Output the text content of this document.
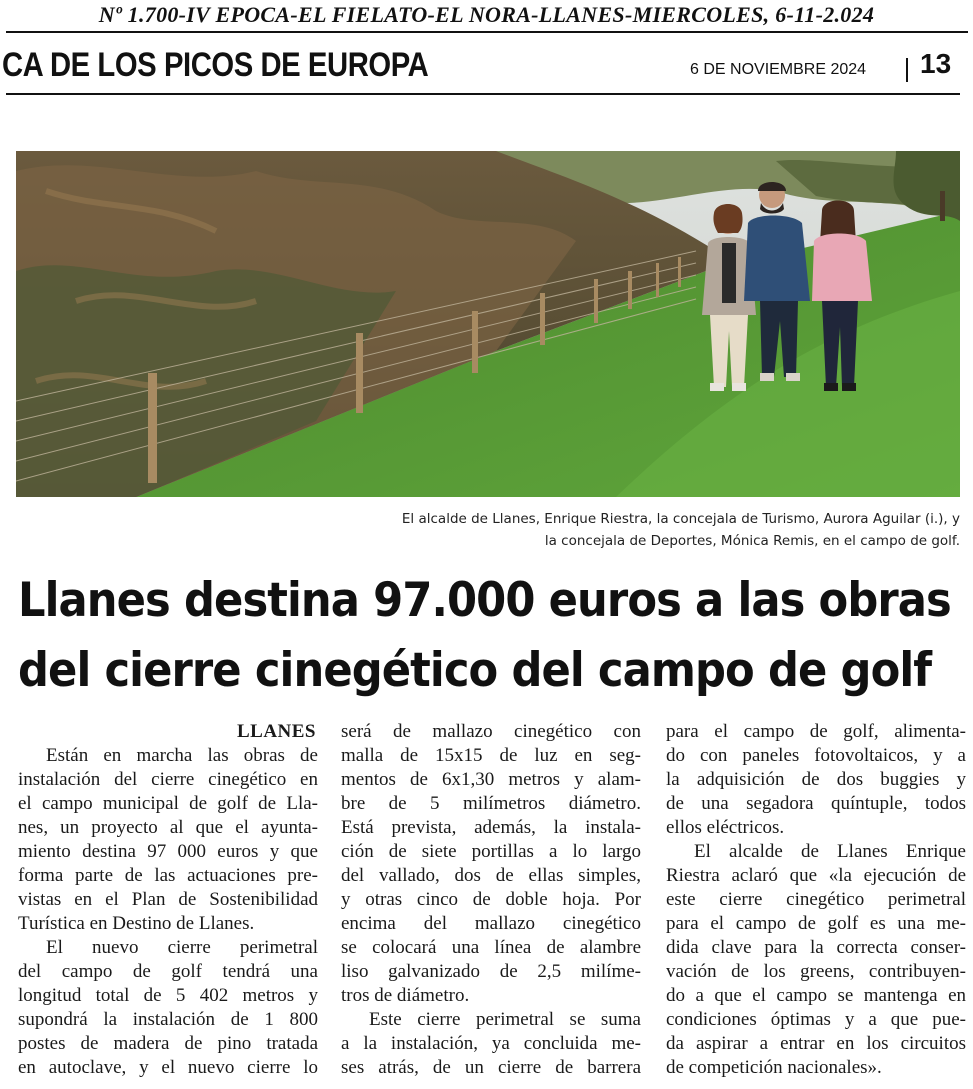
Nº 1.700-IV EPOCA-EL FIELATO-EL NORA-LLANES-MIERCOLES, 6-11-2.024
CA DE LOS PICOS DE EUROPA	6 DE NOVIEMBRE 2024 13
El alcalde de Llanes, Enrique Riestra, la concejala de Turismo, Aurora Aguilar (i.), y
la concejala de Deportes, Mónica Remis, en el campo de golf.
Llanes destina 97.000 euros a las obras
del cierre cinegético del campo de golf
LLANES
Están en marcha las obras de
instalación del cierre cinegético en
el campo municipal de golf de Lla-
nes, un proyecto al que el ayunta-
miento destina 97 000 euros y que
forma parte de las actuaciones pre-
vistas en el Plan de Sostenibilidad
Turística en Destino de Llanes.
El nuevo cierre perimetral
del campo de golf tendrá una
longitud total de 5 402 metros y
supondrá la instalación de 1 800
postes de madera de pino tratada
en autoclave, y el nuevo cierre lo
será de mallazo cinegético con
malla de 15x15 de luz en seg-
mentos de 6x1,30 metros y alam-
bre de 5 milímetros diámetro.
Está prevista, además, la instala-
ción de siete portillas a lo largo
del vallado, dos de ellas simples,
y otras cinco de doble hoja. Por
encima del mallazo cinegético
se colocará una línea de alambre
liso galvanizado de 2,5 milíme-
tros de diámetro.
Este cierre perimetral se suma
a la instalación, ya concluida me-
ses atrás, de un cierre de barrera
para el campo de golf, alimenta-
do con paneles fotovoltaicos, y a
la adquisición de dos buggies y
de una segadora quíntuple, todos
ellos eléctricos.
El alcalde de Llanes Enrique
Riestra aclaró que «la ejecución de
este cierre cinegético perimetral
para el campo de golf es una me-
dida clave para la correcta conser-
vación de los greens, contribuyen-
do a que el campo se mantenga en
condiciones óptimas y a que pue-
da aspirar a entrar en los circuitos
de competición nacionales».
